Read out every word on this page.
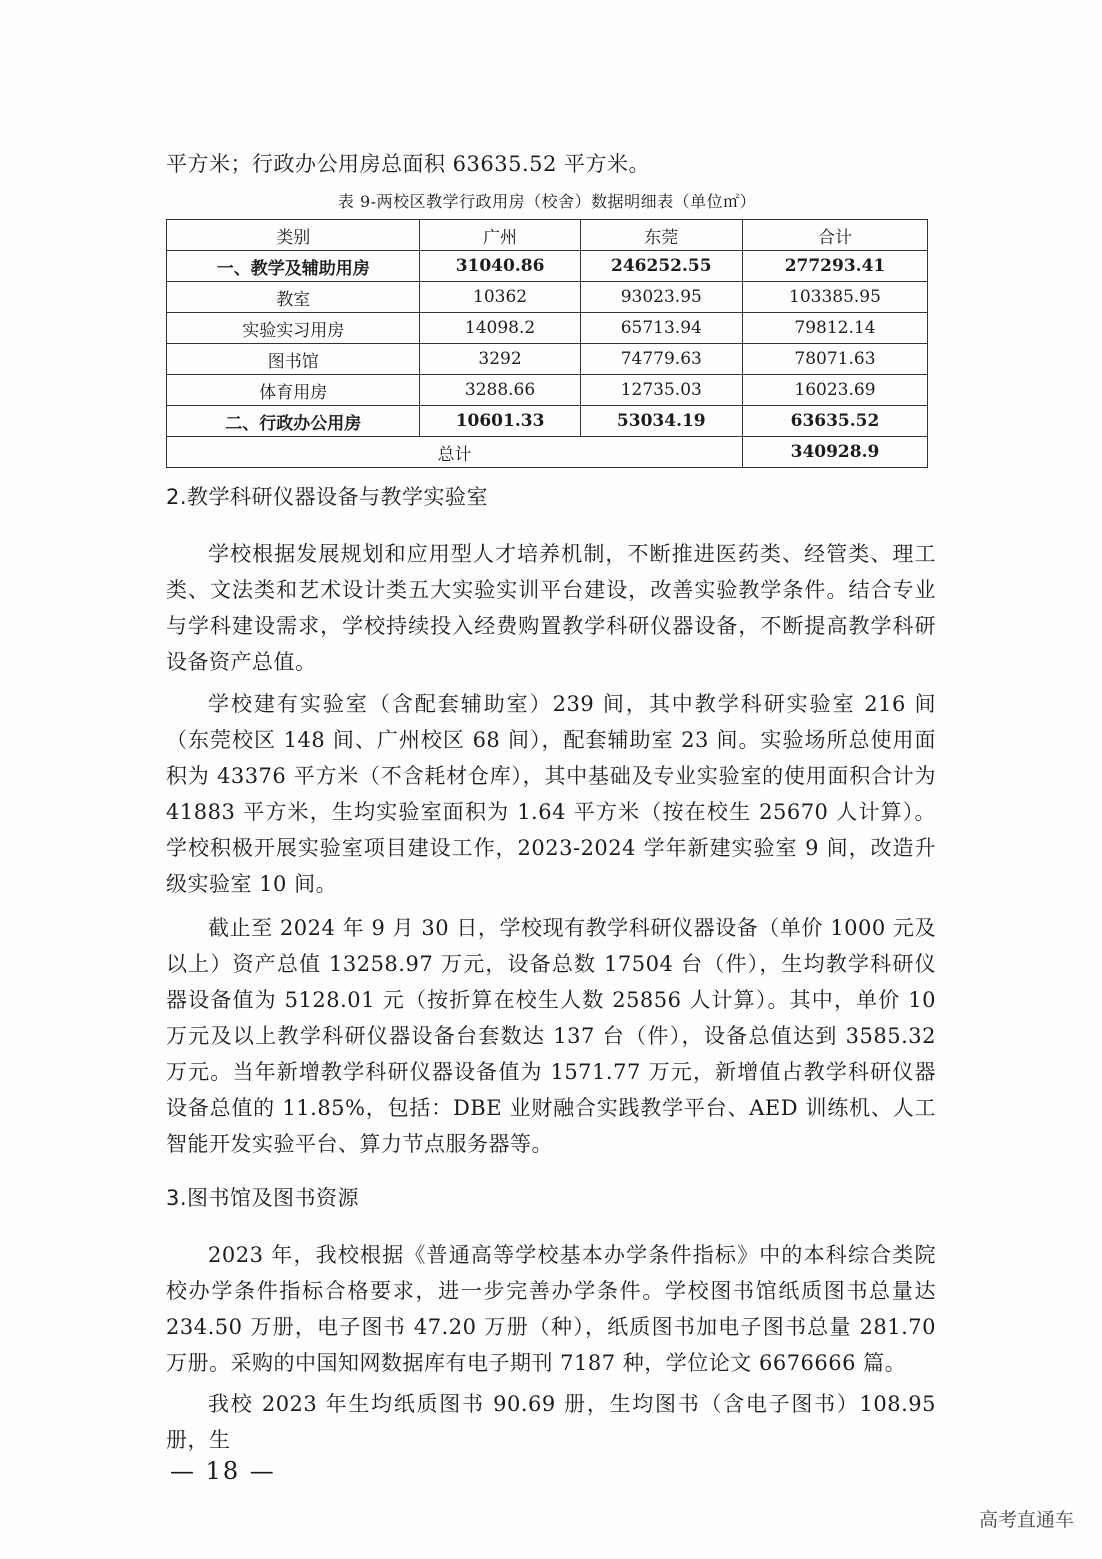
平方米；行政办公用房总面积 63635.52 平方米。
表 9-两校区教学行政用房（校舍）数据明细表（单位㎡）
类别	广州	东莞	合计
一、教学及辅助用房	31040.86	246252.55	277293.41
教室	10362	93023.95	103385.95
实验实习用房	14098.2	65713.94	79812.14
图书馆	3292	74779.63	78071.63
体育用房	3288.66	12735.03	16023.69
二、行政办公用房	10601.33	53034.19	63635.52
总计			340928.9
2.教学科研仪器设备与教学实验室
学校根据发展规划和应用型人才培养机制，不断推进医药类、经管类、理工类、文法类和艺术设计类五大实验实训平台建设，改善实验教学条件。结合专业与学科建设需求，学校持续投入经费购置教学科研仪器设备，不断提高教学科研设备资产总值。
学校建有实验室（含配套辅助室）239 间，其中教学科研实验室 216 间（东莞校区 148 间、广州校区 68 间），配套辅助室 23 间。实验场所总使用面积为 43376 平方米（不含耗材仓库），其中基础及专业实验室的使用面积合计为 41883 平方米，生均实验室面积为 1.64 平方米（按在校生 25670 人计算）。学校积极开展实验室项目建设工作，2023-2024 学年新建实验室 9 间，改造升级实验室 10 间。
截止至 2024 年 9 月 30 日，学校现有教学科研仪器设备（单价 1000 元及以上）资产总值 13258.97 万元，设备总数 17504 台（件），生均教学科研仪器设备值为 5128.01 元（按折算在校生人数 25856 人计算）。其中，单价 10 万元及以上教学科研仪器设备台套数达 137 台（件），设备总值达到 3585.32 万元。当年新增教学科研仪器设备值为 1571.77 万元，新增值占教学科研仪器设备总值的 11.85%，包括：DBE 业财融合实践教学平台、AED 训练机、人工智能开发实验平台、算力节点服务器等。
3.图书馆及图书资源
2023 年，我校根据《普通高等学校基本办学条件指标》中的本科综合类院校办学条件指标合格要求，进一步完善办学条件。学校图书馆纸质图书总量达 234.50 万册，电子图书 47.20 万册（种），纸质图书加电子图书总量 281.70 万册。采购的中国知网数据库有电子期刊 7187 种，学位论文 6676666 篇。
我校 2023 年生均纸质图书 90.69 册，生均图书（含电子图书）108.95 册，生
— 18 —
高考直通车
